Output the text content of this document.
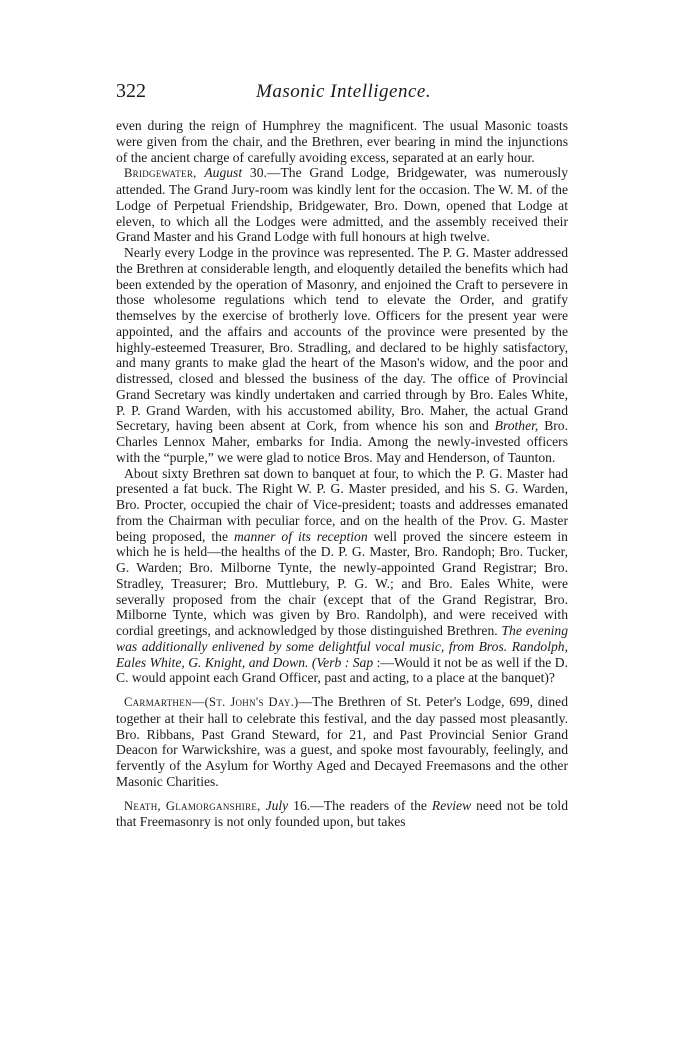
322	Masonic Intelligence.

even during the reign of Humphrey the magnificent. The usual Masonic toasts were given from the chair, and the Brethren, ever bearing in mind the injunctions of the ancient charge of carefully avoiding excess, separated at an early hour.

Bridgewater, August 30.—The Grand Lodge, Bridgewater, was numerously attended. The Grand Jury-room was kindly lent for the occasion. The W. M. of the Lodge of Perpetual Friendship, Bridgewater, Bro. Down, opened that Lodge at eleven, to which all the Lodges were admitted, and the assembly received their Grand Master and his Grand Lodge with full honours at high twelve.

Nearly every Lodge in the province was represented. The P. G. Master addressed the Brethren at considerable length, and eloquently detailed the benefits which had been extended by the operation of Masonry, and enjoined the Craft to persevere in those wholesome regulations which tend to elevate the Order, and gratify themselves by the exercise of brotherly love. Officers for the present year were appointed, and the affairs and accounts of the province were presented by the highly-esteemed Treasurer, Bro. Stradling, and declared to be highly satisfactory, and many grants to make glad the heart of the Mason's widow, and the poor and distressed, closed and blessed the business of the day. The office of Provincial Grand Secretary was kindly undertaken and carried through by Bro. Eales White, P. P. Grand Warden, with his accustomed ability, Bro. Maher, the actual Grand Secretary, having been absent at Cork, from whence his son and Brother, Bro. Charles Lennox Maher, embarks for India. Among the newly-invested officers with the “purple,” we were glad to notice Bros. May and Henderson, of Taunton.

About sixty Brethren sat down to banquet at four, to which the P. G. Master had presented a fat buck. The Right W. P. G. Master presided, and his S. G. Warden, Bro. Procter, occupied the chair of Vice-president; toasts and addresses emanated from the Chairman with peculiar force, and on the health of the Prov. G. Master being proposed, the manner of its reception well proved the sincere esteem in which he is held—the healths of the D. P. G. Master, Bro. Randoph; Bro. Tucker, G. Warden; Bro. Milborne Tynte, the newly-appointed Grand Registrar; Bro. Stradley, Treasurer; Bro. Muttlebury, P. G. W.; and Bro. Eales White, were severally proposed from the chair (except that of the Grand Registrar, Bro. Milborne Tynte, which was given by Bro. Randolph), and were received with cordial greetings, and acknowledged by those distinguished Brethren. The evening was additionally enlivened by some delightful vocal music, from Bros. Randolph, Eales White, G. Knight, and Down. (Verb : Sap :—Would it not be as well if the D. C. would appoint each Grand Officer, past and acting, to a place at the banquet)?

Carmarthen—(St. John's Day.)—The Brethren of St. Peter's Lodge, 699, dined together at their hall to celebrate this festival, and the day passed most pleasantly. Bro. Ribbans, Past Grand Steward, for 21, and Past Provincial Senior Grand Deacon for Warwickshire, was a guest, and spoke most favourably, feelingly, and fervently of the Asylum for Worthy Aged and Decayed Freemasons and the other Masonic Charities.

Neath, Glamorganshire, July 16.—The readers of the Review need not be told that Freemasonry is not only founded upon, but takes
